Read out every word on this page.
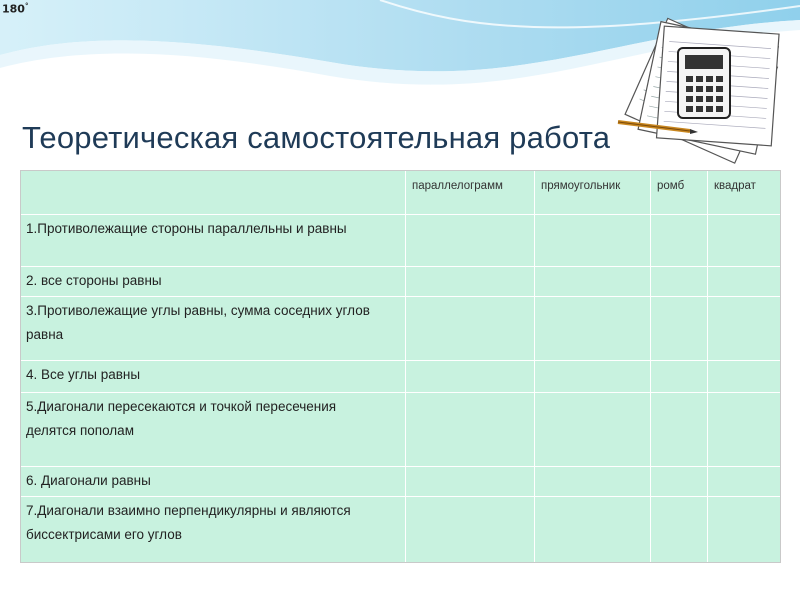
180°
Теоретическая самостоятельная работа
	параллелограмм	прямоугольник	ромб	квадрат
1.Противолежащие стороны параллельны и равны				
2. все стороны равны				
3.Противолежащие углы равны, сумма соседних углов равна				
4. Все углы равны				
5.Диагонали пересекаются и точкой пересечения
делятся пополам				
6. Диагонали равны				
7.Диагонали взаимно перпендикулярны и являются биссектрисами его углов				
